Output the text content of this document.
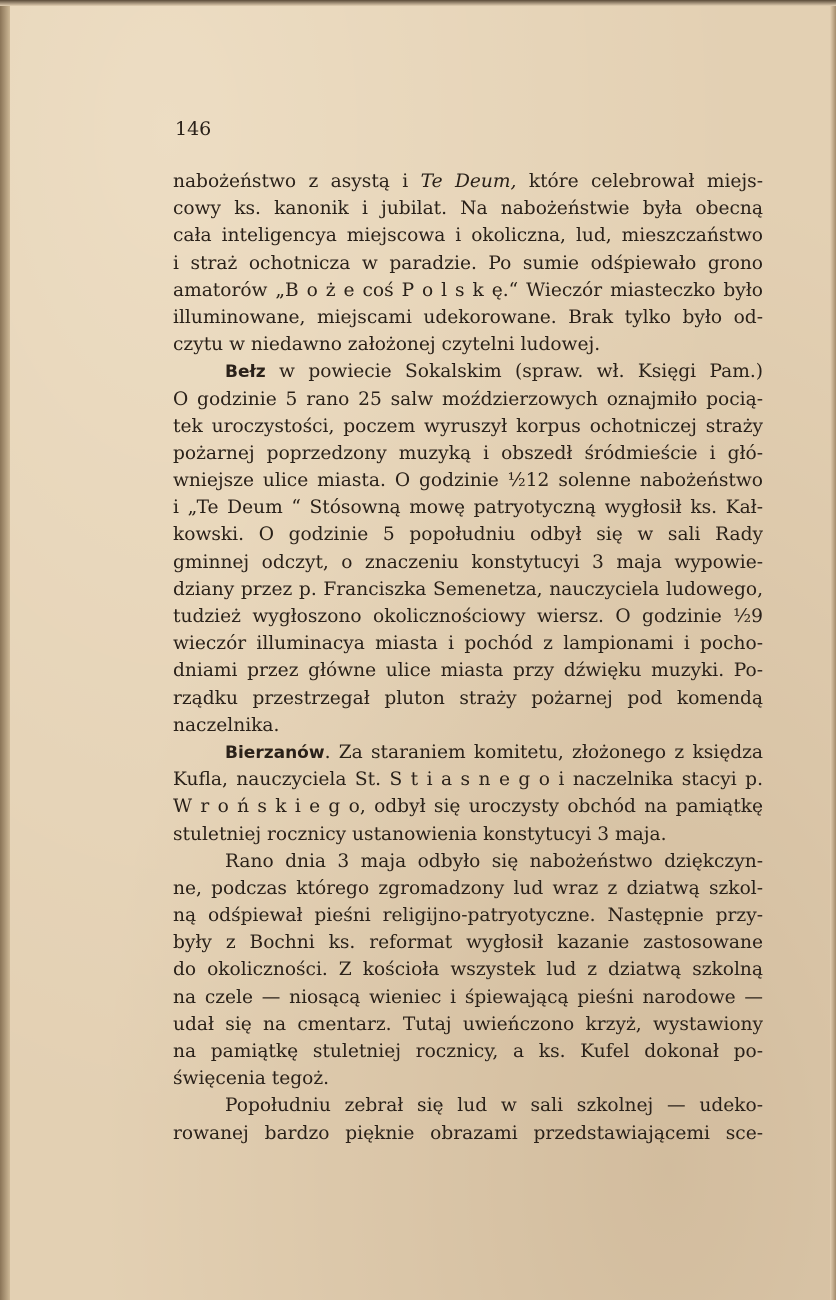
146
nabożeństwo z asystą i Te Deum, które celebrował miejs-
cowy ks. kanonik i jubilat. Na nabożeństwie była obecną
cała inteligencya miejscowa i okoliczna, lud, mieszczaństwo
i straż ochotnicza w paradzie. Po sumie odśpiewało grono
amatorów „B o ż e coś P o l s k ę.“ Wieczór miasteczko było
illuminowane, miejscami udekorowane. Brak tylko było od-
czytu w niedawno założonej czytelni ludowej.
Bełz w powiecie Sokalskim (spraw. wł. Księgi Pam.)
O godzinie 5 rano 25 salw moździerzowych oznajmiło pocią-
tek uroczystości, poczem wyruszył korpus ochotniczej straży
pożarnej poprzedzony muzyką i obszedł śródmieście i głó-
wniejsze ulice miasta. O godzinie ½12 solenne nabożeństwo
i „Te Deum “ Stósowną mowę patryotyczną wygłosił ks. Kał-
kowski. O godzinie 5 popołudniu odbył się w sali Rady
gminnej odczyt, o znaczeniu konstytucyi 3 maja wypowie-
dziany przez p. Franciszka Semenetza, nauczyciela ludowego,
tudzież wygłoszono okolicznościowy wiersz. O godzinie ½9
wieczór illuminacya miasta i pochód z lampionami i pocho-
dniami przez główne ulice miasta przy dźwięku muzyki. Po-
rządku przestrzegał pluton straży pożarnej pod komendą
naczelnika.
Bierzanów. Za staraniem komitetu, złożonego z księdza
Kufla, nauczyciela St. S t i a s n e g o i naczelnika stacyi p.
W r o ń s k i e g o, odbył się uroczysty obchód na pamiątkę
stuletniej rocznicy ustanowienia konstytucyi 3 maja.
Rano dnia 3 maja odbyło się nabożeństwo dziękczyn-
ne, podczas którego zgromadzony lud wraz z dziatwą szkol-
ną odśpiewał pieśni religijno-patryotyczne. Następnie przy-
były z Bochni ks. reformat wygłosił kazanie zastosowane
do okoliczności. Z kościoła wszystek lud z dziatwą szkolną
na czele — niosącą wieniec i śpiewającą pieśni narodowe —
udał się na cmentarz. Tutaj uwieńczono krzyż, wystawiony
na pamiątkę stuletniej rocznicy, a ks. Kufel dokonał po-
święcenia tegoż.
Popołudniu zebrał się lud w sali szkolnej — udeko-
rowanej bardzo pięknie obrazami przedstawiającemi sce-
